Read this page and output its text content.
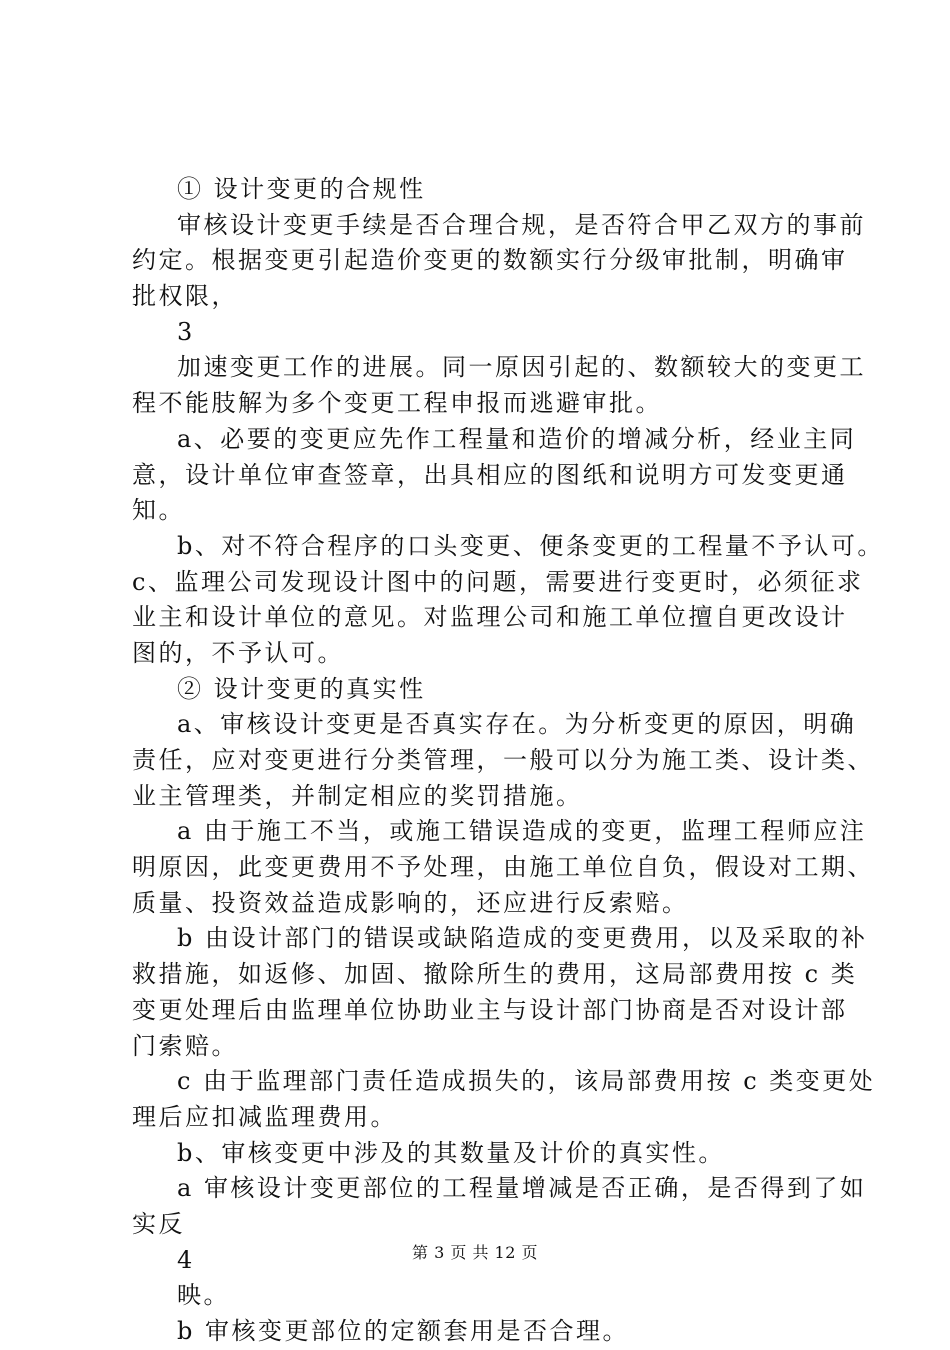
① 设计变更的合规性
审核设计变更手续是否合理合规，是否符合甲乙双方的事前
约定。根据变更引起造价变更的数额实行分级审批制，明确审
批权限，
3
加速变更工作的进展。同一原因引起的、数额较大的变更工
程不能肢解为多个变更工程申报而逃避审批。
a、必要的变更应先作工程量和造价的增减分析，经业主同
意，设计单位审查签章，出具相应的图纸和说明方可发变更通
知。
b、对不符合程序的口头变更、便条变更的工程量不予认可。
c、监理公司发现设计图中的问题，需要进行变更时，必须征求
业主和设计单位的意见。对监理公司和施工单位擅自更改设计
图的，不予认可。
② 设计变更的真实性
a、审核设计变更是否真实存在。为分析变更的原因，明确
责任，应对变更进行分类管理，一般可以分为施工类、设计类、
业主管理类，并制定相应的奖罚措施。
a 由于施工不当，或施工错误造成的变更，监理工程师应注
明原因，此变更费用不予处理，由施工单位自负，假设对工期、
质量、投资效益造成影响的，还应进行反索赔。
b 由设计部门的错误或缺陷造成的变更费用，以及采取的补
救措施，如返修、加固、撤除所生的费用，这局部费用按 c 类
变更处理后由监理单位协助业主与设计部门协商是否对设计部
门索赔。
c 由于监理部门责任造成损失的，该局部费用按 c 类变更处
理后应扣减监理费用。
b、审核变更中涉及的其数量及计价的真实性。
a 审核设计变更部位的工程量增减是否正确，是否得到了如
实反
4
映。
b 审核变更部位的定额套用是否合理。
第 3 页 共 12 页
